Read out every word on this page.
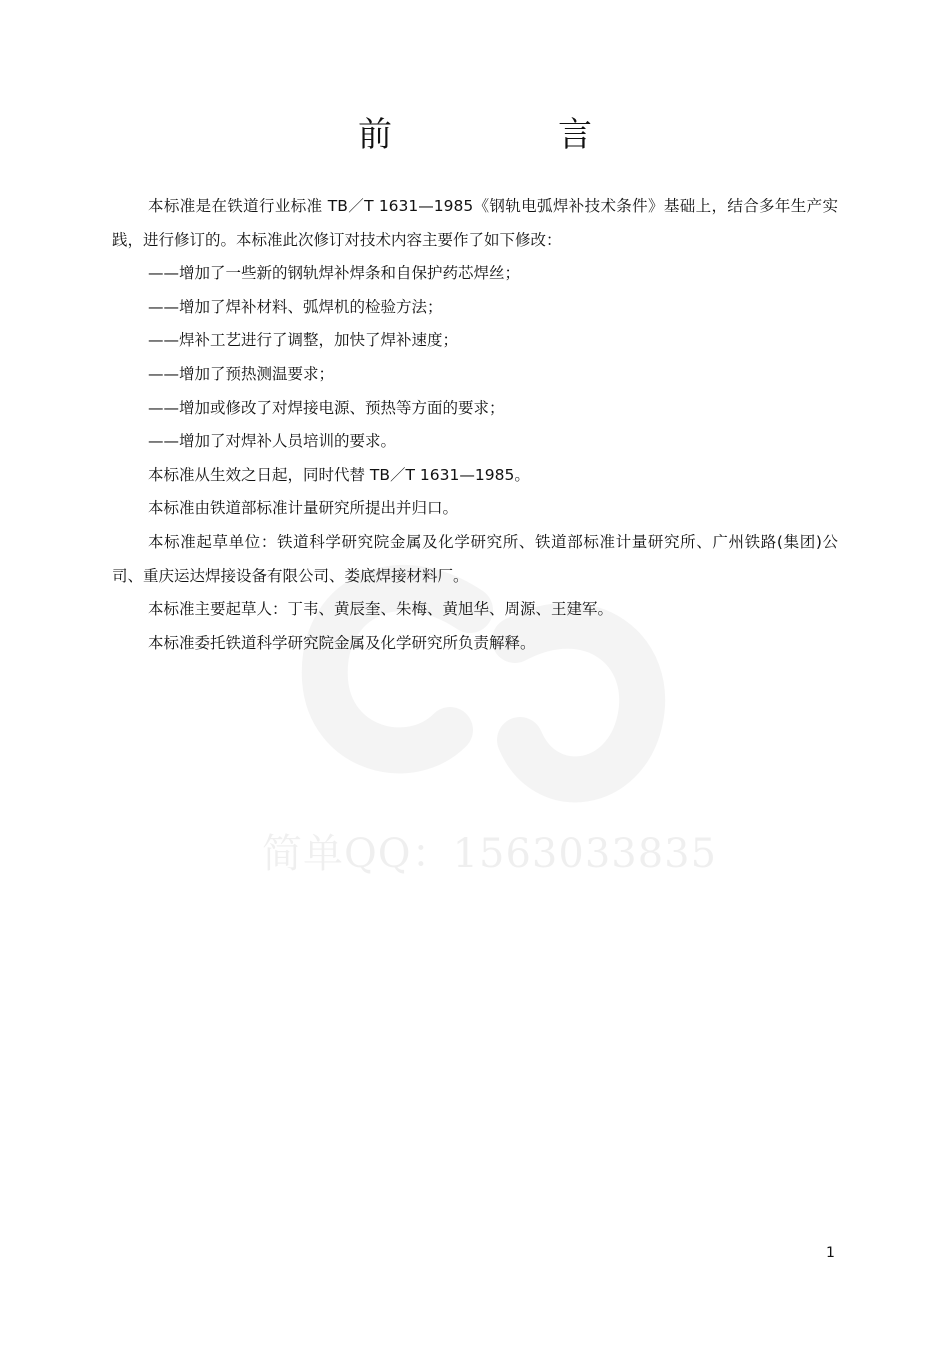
简单QQ：1563033835
前　言

本标准是在铁道行业标准 TB／T 1631—1985《钢轨电弧焊补技术条件》基础上，结合多年生产实践，进行修订的。本标准此次修订对技术内容主要作了如下修改：

——增加了一些新的钢轨焊补焊条和自保护药芯焊丝；

——增加了焊补材料、弧焊机的检验方法；

——焊补工艺进行了调整，加快了焊补速度；

——增加了预热测温要求；

——增加或修改了对焊接电源、预热等方面的要求；

——增加了对焊补人员培训的要求。

本标准从生效之日起，同时代替 TB／T 1631—1985。

本标准由铁道部标准计量研究所提出并归口。

本标准起草单位：铁道科学研究院金属及化学研究所、铁道部标准计量研究所、广州铁路(集团)公司、重庆运达焊接设备有限公司、娄底焊接材料厂。

本标准主要起草人：丁韦、黄辰奎、朱梅、黄旭华、周源、王建军。

本标准委托铁道科学研究院金属及化学研究所负责解释。

1
